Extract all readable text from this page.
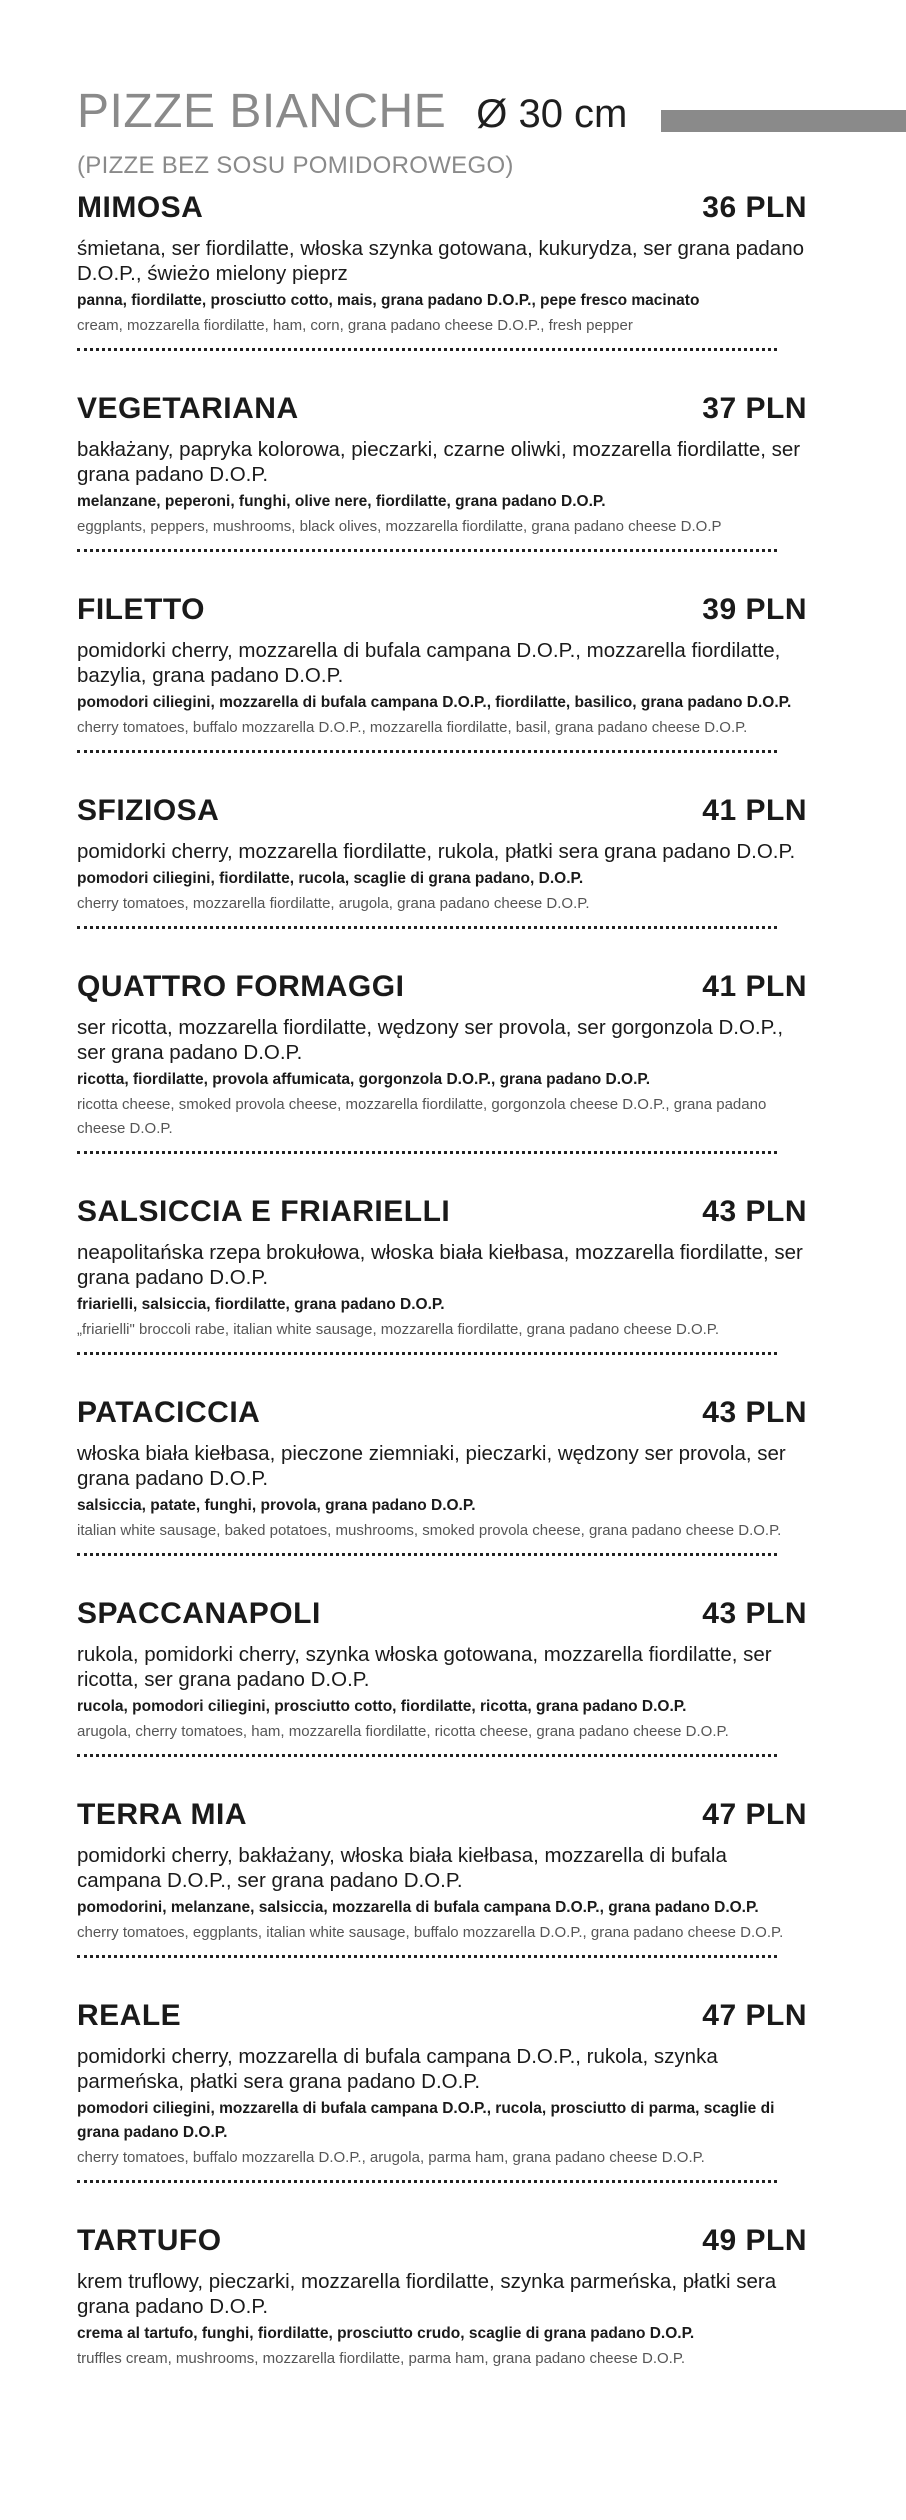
PIZZE BIANCHE Ø 30 cm
(PIZZE BEZ SOSU POMIDOROWEGO)
MIMOSA	36 PLN
śmietana, ser fiordilatte, włoska szynka gotowana, kukurydza, ser grana padano D.O.P., świeżo mielony pieprz
panna, fiordilatte, prosciutto cotto, mais, grana padano D.O.P., pepe fresco macinato
cream, mozzarella fiordilatte, ham, corn, grana padano cheese D.O.P., fresh pepper
VEGETARIANA	37 PLN
bakłażany, papryka kolorowa, pieczarki, czarne oliwki, mozzarella fiordilatte, ser grana padano D.O.P.
melanzane, peperoni, funghi, olive nere, fiordilatte, grana padano D.O.P.
eggplants, peppers, mushrooms, black olives, mozzarella fiordilatte, grana padano cheese D.O.P
FILETTO	39 PLN
pomidorki cherry, mozzarella di bufala campana D.O.P., mozzarella fiordilatte, bazylia, grana padano D.O.P.
pomodori ciliegini, mozzarella di bufala campana D.O.P., fiordilatte, basilico, grana padano D.O.P.
cherry tomatoes, buffalo mozzarella D.O.P., mozzarella fiordilatte, basil, grana padano cheese D.O.P.
SFIZIOSA	41 PLN
pomidorki cherry, mozzarella fiordilatte, rukola, płatki sera grana padano D.O.P.
pomodori ciliegini, fiordilatte, rucola, scaglie di grana padano, D.O.P.
cherry tomatoes, mozzarella fiordilatte, arugola, grana padano cheese D.O.P.
QUATTRO FORMAGGI	41 PLN
ser ricotta, mozzarella fiordilatte, wędzony ser provola, ser gorgonzola D.O.P., ser grana padano D.O.P.
ricotta, fiordilatte, provola affumicata, gorgonzola D.O.P., grana padano D.O.P.
ricotta cheese, smoked provola cheese, mozzarella fiordilatte, gorgonzola cheese D.O.P., grana padano cheese D.O.P.
SALSICCIA E FRIARIELLI	43 PLN
neapolitańska rzepa brokułowa, włoska biała kiełbasa, mozzarella fiordilatte, ser grana padano D.O.P.
friarielli, salsiccia, fiordilatte, grana padano D.O.P.
„friarielli" broccoli rabe, italian white sausage, mozzarella fiordilatte, grana padano cheese D.O.P.
PATACICCIA	43 PLN
włoska biała kiełbasa, pieczone ziemniaki, pieczarki, wędzony ser provola, ser grana padano D.O.P.
salsiccia, patate, funghi, provola, grana padano D.O.P.
italian white sausage, baked potatoes, mushrooms, smoked provola cheese, grana padano cheese D.O.P.
SPACCANAPOLI	43 PLN
rukola, pomidorki cherry, szynka włoska gotowana, mozzarella fiordilatte, ser ricotta, ser grana padano D.O.P.
rucola, pomodori ciliegini, prosciutto cotto, fiordilatte, ricotta, grana padano D.O.P.
arugola, cherry tomatoes, ham, mozzarella fiordilatte, ricotta cheese, grana padano cheese D.O.P.
TERRA MIA	47 PLN
pomidorki cherry, bakłażany, włoska biała kiełbasa, mozzarella di bufala campana D.O.P., ser grana padano D.O.P.
pomodorini, melanzane, salsiccia, mozzarella di bufala campana D.O.P., grana padano D.O.P.
cherry tomatoes, eggplants, italian white sausage, buffalo mozzarella D.O.P., grana padano cheese D.O.P.
REALE	47 PLN
pomidorki cherry, mozzarella di bufala campana D.O.P., rukola, szynka parmeńska, płatki sera grana padano D.O.P.
pomodori ciliegini, mozzarella di bufala campana D.O.P., rucola, prosciutto di parma, scaglie di grana padano D.O.P.
cherry tomatoes, buffalo mozzarella D.O.P., arugola, parma ham, grana padano cheese D.O.P.
TARTUFO	49 PLN
krem truflowy, pieczarki, mozzarella fiordilatte, szynka parmeńska, płatki sera grana padano D.O.P.
crema al tartufo, funghi, fiordilatte, prosciutto crudo, scaglie di grana padano D.O.P.
truffles cream, mushrooms, mozzarella fiordilatte, parma ham, grana padano cheese D.O.P.
